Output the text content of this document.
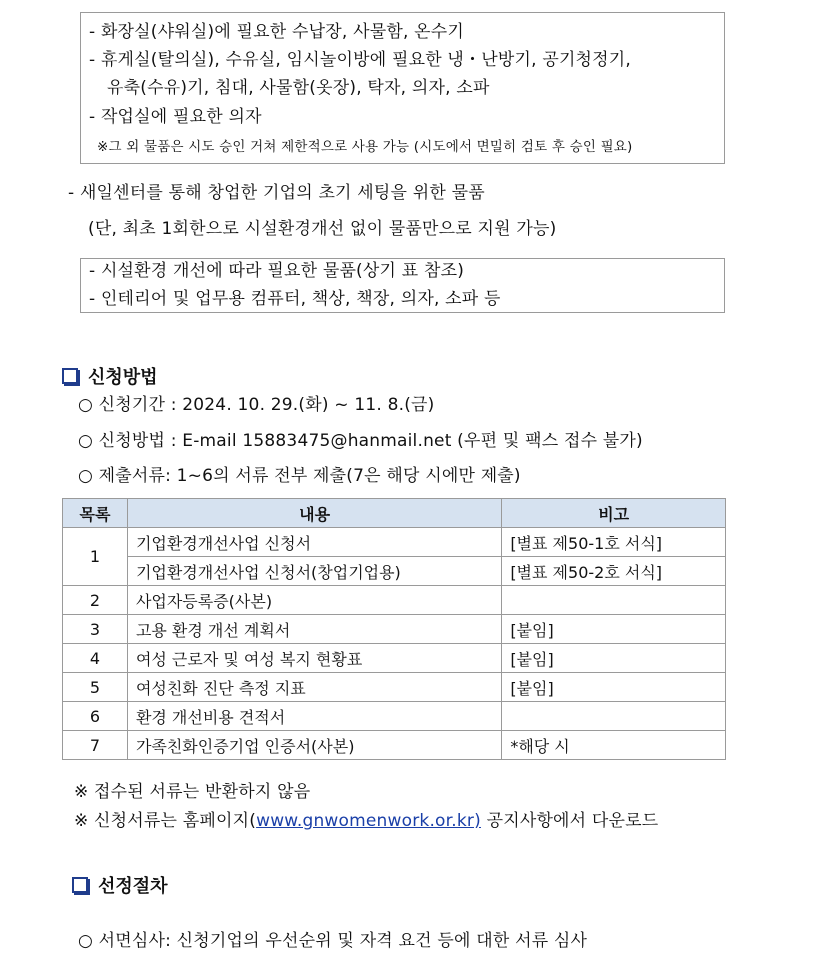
- 화장실(샤워실)에 필요한 수납장, 사물함, 온수기
- 휴게실(탈의실), 수유실, 임시놀이방에 필요한 냉・난방기, 공기청정기,
유축(수유)기, 침대, 사물함(옷장), 탁자, 의자, 소파
- 작업실에 필요한 의자
※그 외 물품은 시도 승인 거쳐 제한적으로 사용 가능 (시도에서 면밀히 검토 후 승인 필요)
- 새일센터를 통해 창업한 기업의 초기 세팅을 위한 물품
(단, 최초 1회한으로 시설환경개선 없이 물품만으로 지원 가능)
- 시설환경 개선에 따라 필요한 물품(상기 표 참조)
- 인테리어 및 업무용 컴퓨터, 책상, 책장, 의자, 소파 등
신청방법
○ 신청기간 : 2024. 10. 29.(화) ~ 11. 8.(금)
○ 신청방법 : E-mail 15883475@hanmail.net (우편 및 팩스 접수 불가)
○ 제출서류: 1~6의 서류 전부 제출(7은 해당 시에만 제출)
목록	내용	비고
1	기업환경개선사업 신청서	[별표 제50-1호 서식]
	기업환경개선사업 신청서(창업기업용)	[별표 제50-2호 서식]
2	사업자등록증(사본)	
3	고용 환경 개선 계획서	[붙임]
4	여성 근로자 및 여성 복지 현황표	[붙임]
5	여성친화 진단 측정 지표	[붙임]
6	환경 개선비용 견적서	
7	가족친화인증기업 인증서(사본)	*해당 시
※ 접수된 서류는 반환하지 않음
※ 신청서류는 홈페이지(www.gnwomenwork.or.kr) 공지사항에서 다운로드
선정절차
○ 서면심사: 신청기업의 우선순위 및 자격 요건 등에 대한 서류 심사
